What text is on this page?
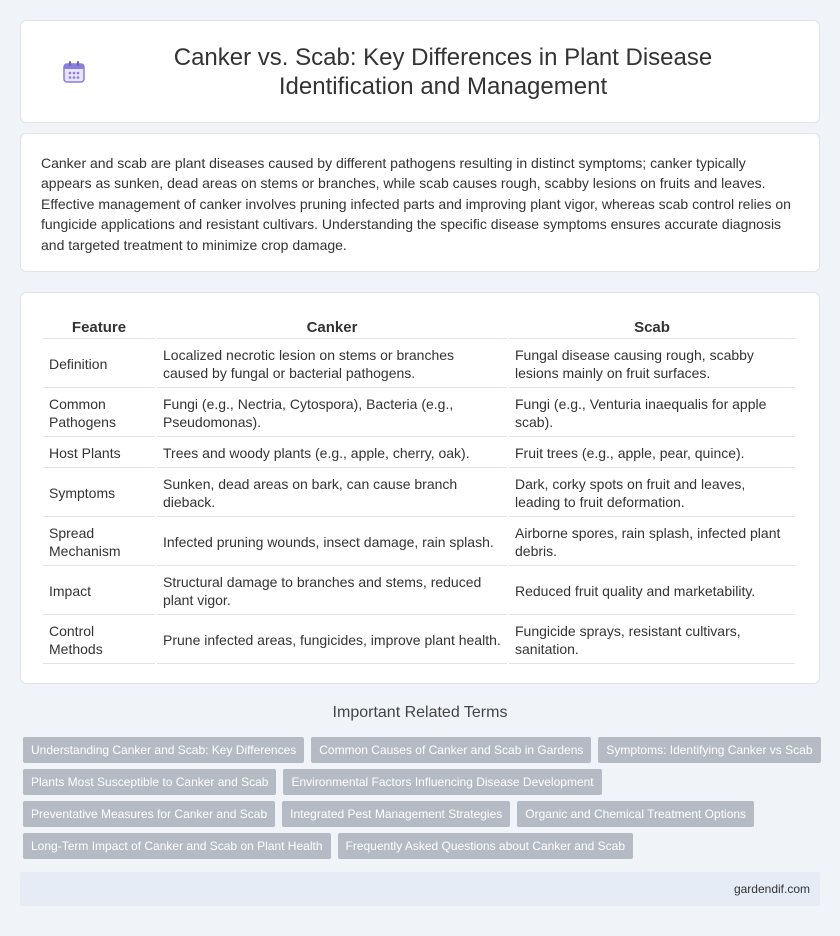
Canker vs. Scab: Key Differences in Plant Disease Identification and Management

Canker and scab are plant diseases caused by different pathogens resulting in distinct symptoms; canker typically appears as sunken, dead areas on stems or branches, while scab causes rough, scabby lesions on fruits and leaves. Effective management of canker involves pruning infected parts and improving plant vigor, whereas scab control relies on fungicide applications and resistant cultivars. Understanding the specific disease symptoms ensures accurate diagnosis and targeted treatment to minimize crop damage.

Feature	Canker	Scab
Definition	Localized necrotic lesion on stems or branches caused by fungal or bacterial pathogens.	Fungal disease causing rough, scabby lesions mainly on fruit surfaces.
Common Pathogens	Fungi (e.g., Nectria, Cytospora), Bacteria (e.g., Pseudomonas).	Fungi (e.g., Venturia inaequalis for apple scab).
Host Plants	Trees and woody plants (e.g., apple, cherry, oak).	Fruit trees (e.g., apple, pear, quince).
Symptoms	Sunken, dead areas on bark, can cause branch dieback.	Dark, corky spots on fruit and leaves, leading to fruit deformation.
Spread Mechanism	Infected pruning wounds, insect damage, rain splash.	Airborne spores, rain splash, infected plant debris.
Impact	Structural damage to branches and stems, reduced plant vigor.	Reduced fruit quality and marketability.
Control Methods	Prune infected areas, fungicides, improve plant health.	Fungicide sprays, resistant cultivars, sanitation.
Important Related Terms
Understanding Canker and Scab: Key Differences	Common Causes of Canker and Scab in Gardens	Symptoms: Identifying Canker vs Scab
Plants Most Susceptible to Canker and Scab	Environmental Factors Influencing Disease Development
Preventative Measures for Canker and Scab	Integrated Pest Management Strategies	Organic and Chemical Treatment Options
Long-Term Impact of Canker and Scab on Plant Health	Frequently Asked Questions about Canker and Scab
gardendif.com
